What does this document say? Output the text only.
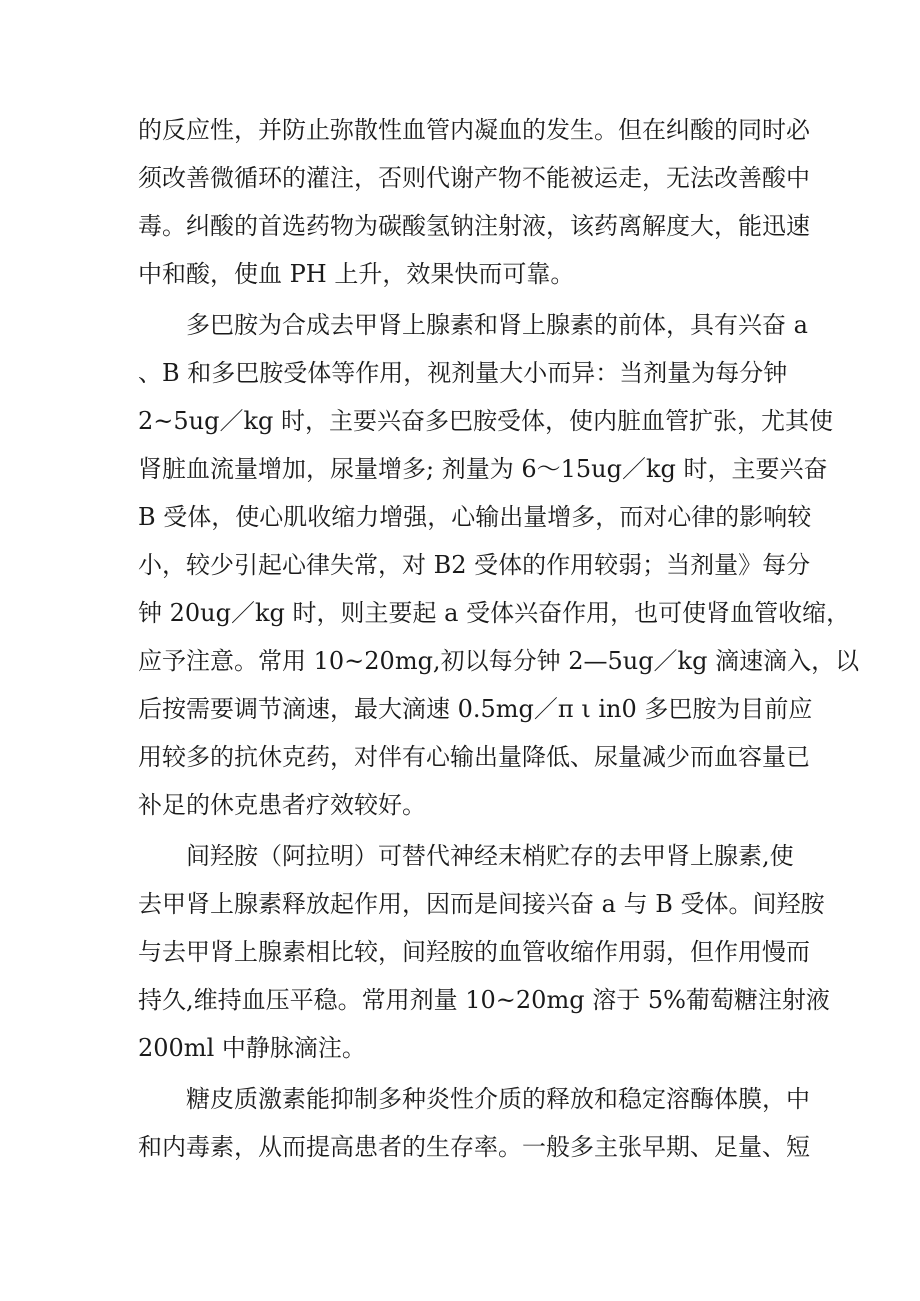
的反应性，并防止弥散性血管内凝血的发生。但在纠酸的同时必
须改善微循环的灌注，否则代谢产物不能被运走，无法改善酸中
毒。纠酸的首选药物为碳酸氢钠注射液，该药离解度大，能迅速
中和酸，使血 PH 上升，效果快而可靠。
多巴胺为合成去甲肾上腺素和肾上腺素的前体，具有兴奋 a
、B 和多巴胺受体等作用，视剂量大小而异：当剂量为每分钟
2~5ug／kg 时，主要兴奋多巴胺受体，使内脏血管扩张，尤其使
肾脏血流量增加，尿量增多; 剂量为 6～15ug／kg 时，主要兴奋
B 受体，使心肌收缩力增强，心输出量增多，而对心律的影响较
小，较少引起心律失常，对 B2 受体的作用较弱；当剂量》每分
钟 20ug／kg 时，则主要起 a 受体兴奋作用，也可使肾血管收缩，
应予注意。常用 10~20mg,初以每分钟 2—5ug／kg 滴速滴入，以
后按需要调节滴速，最大滴速 0.5mg／π ι in0 多巴胺为目前应
用较多的抗休克药，对伴有心输出量降低、尿量减少而血容量已
补足的休克患者疗效较好。
间羟胺（阿拉明）可替代神经末梢贮存的去甲肾上腺素,使
去甲肾上腺素释放起作用，因而是间接兴奋 a 与 B 受体。间羟胺
与去甲肾上腺素相比较，间羟胺的血管收缩作用弱，但作用慢而
持久,维持血压平稳。常用剂量 10~20mg 溶于 5%葡萄糖注射液
200ml 中静脉滴注。
糖皮质激素能抑制多种炎性介质的释放和稳定溶酶体膜，中
和内毒素，从而提高患者的生存率。一般多主张早期、足量、短
